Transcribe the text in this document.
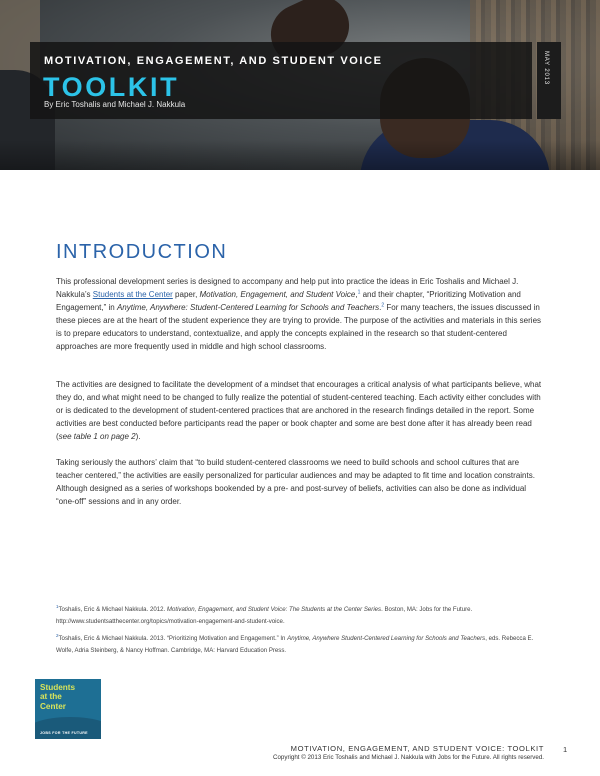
MOTIVATION, ENGAGEMENT, AND STUDENT VOICE
TOOLKIT
By Eric Toshalis and Michael J. Nakkula
MAY 2013
INTRODUCTION

This professional development series is designed to accompany and help put into practice the ideas in Eric Toshalis and Michael J. Nakkula’s Students at the Center paper, Motivation, Engagement, and Student Voice,$^1$ and their chapter, “Prioritizing Motivation and Engagement,” in Anytime, Anywhere: Student-Centered Learning for Schools and Teachers.$^2$ For many teachers, the issues discussed in these pieces are at the heart of the student experience they are trying to provide. The purpose of the activities and materials in this series is to prepare educators to understand, contextualize, and apply the concepts explained in the research so that student-centered approaches are more frequently used in middle and high school classrooms.

The activities are designed to facilitate the development of a mindset that encourages a critical analysis of what participants believe, what they do, and what might need to be changed to fully realize the potential of student-centered teaching. Each activity either concludes with or is dedicated to the development of student-centered practices that are anchored in the research findings detailed in the report. Some activities are best conducted before participants read the paper or book chapter and some are best done after it has already been read (see table 1 on page 2).

Taking seriously the authors’ claim that “to build student-centered classrooms we need to build schools and school cultures that are teacher centered,” the activities are easily personalized for particular audiences and may be adapted to fit time and location constraints. Although designed as a series of workshops bookended by a pre- and post-survey of beliefs, activities can also be done as individual “one-off” sessions and in any order.

$^1$Toshalis, Eric & Michael Nakkula. 2012. Motivation, Engagement, and Student Voice: The Students at the Center Series. Boston, MA: Jobs for the Future. http://www.studentsatthecenter.org/topics/motivation-engagement-and-student-voice.
$^2$Toshalis, Eric & Michael Nakkula. 2013. “Prioritizing Motivation and Engagement.” In Anytime, Anywhere Student-Centered Learning for Schools and Teachers, eds. Rebecca E. Wolfe, Adria Steinberg, & Nancy Hoffman. Cambridge, MA: Harvard Education Press.
Students
at the
Center
JOBS FOR THE FUTURE
MOTIVATION, ENGAGEMENT, AND STUDENT VOICE: TOOLKIT
Copyright © 2013 Eric Toshalis and Michael J. Nakkula with Jobs for the Future. All rights reserved.
1
